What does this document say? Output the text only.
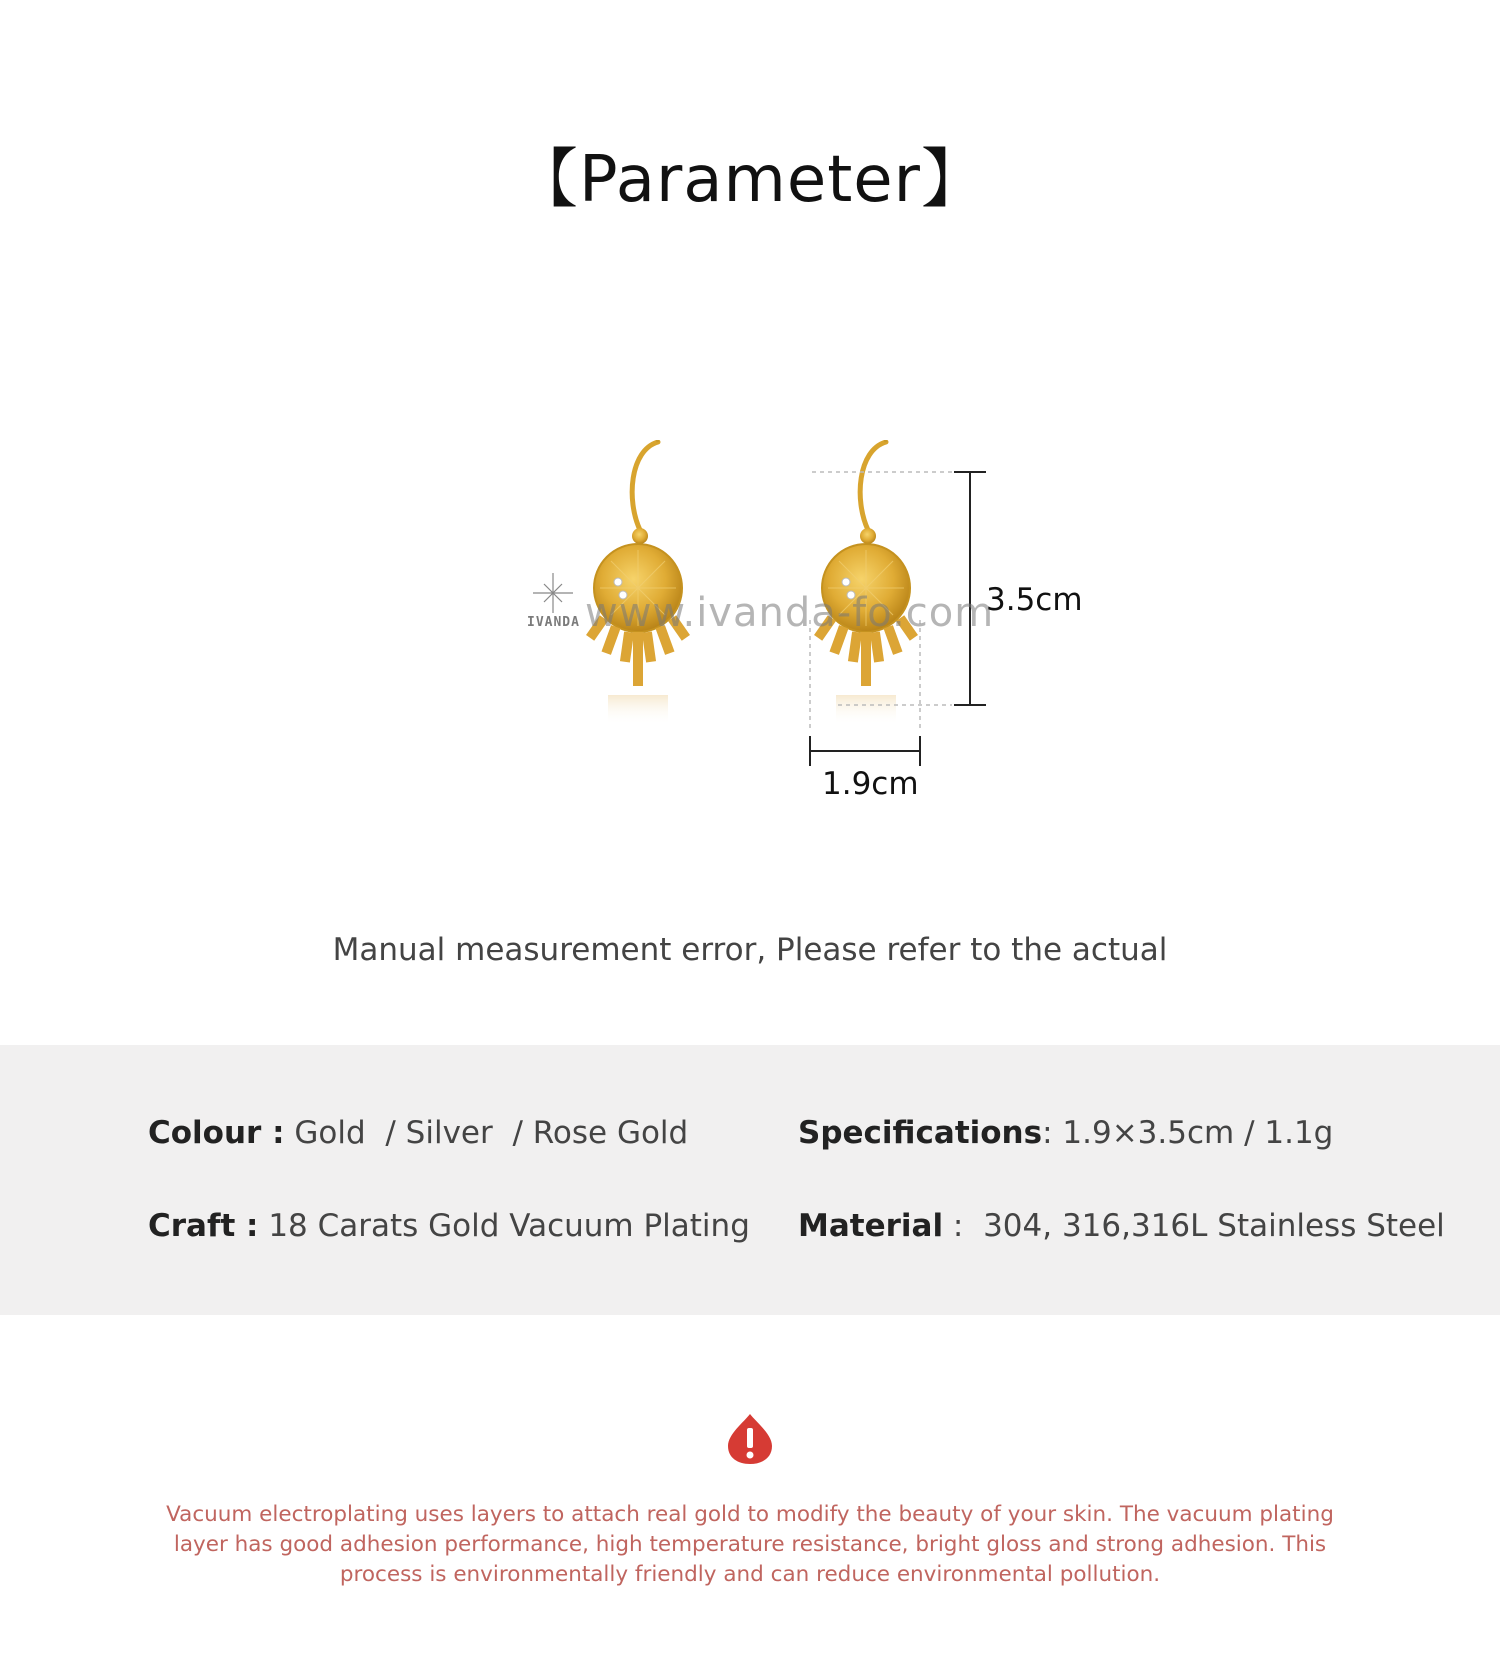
【Parameter】
www.ivanda-fo.com
IVANDA
3.5cm
1.9cm
Manual measurement error, Please refer to the actual
Colour : Gold  / Silver  / Rose Gold	Specifications: 1.9×3.5cm / 1.1g
Craft : 18 Carats Gold Vacuum Plating Material :  304, 316,316L Stainless Steel
Vacuum electroplating uses layers to attach real gold to modify the beauty of your skin. The vacuum plating layer has good adhesion performance, high temperature resistance, bright gloss and strong adhesion. This process is environmentally friendly and can reduce environmental pollution.
